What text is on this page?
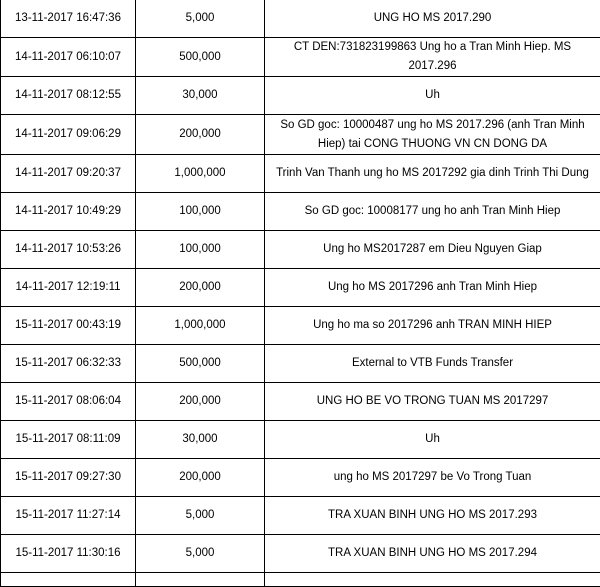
13-11-2017 16:47:36	5,000	UNG HO MS 2017.290
14-11-2017 06:10:07	500,000	CT DEN:731823199863 Ung ho a Tran Minh Hiep. MS 2017.296
14-11-2017 08:12:55	30,000	Uh
14-11-2017 09:06:29	200,000	So GD goc: 10000487 ung ho MS 2017.296 (anh Tran Minh Hiep) tai CONG THUONG VN CN DONG DA
14-11-2017 09:20:37	1,000,000	Trinh Van Thanh ung ho MS 2017292 gia dinh Trinh Thi Dung
14-11-2017 10:49:29	100,000	So GD goc: 10008177 ung ho anh Tran Minh Hiep
14-11-2017 10:53:26	100,000	Ung ho MS2017287 em Dieu Nguyen Giap
14-11-2017 12:19:11	200,000	Ung ho MS 2017296 anh Tran Minh Hiep
15-11-2017 00:43:19	1,000,000	Ung ho ma so 2017296 anh TRAN MINH HIEP
15-11-2017 06:32:33	500,000	External to VTB Funds Transfer
15-11-2017 08:06:04	200,000	UNG HO BE VO TRONG TUAN MS 2017297
15-11-2017 08:11:09	30,000	Uh
15-11-2017 09:27:30	200,000	ung ho MS 2017297 be Vo Trong Tuan
15-11-2017 11:27:14	5,000	TRA XUAN BINH UNG HO MS 2017.293
15-11-2017 11:30:16	5,000	TRA XUAN BINH UNG HO MS 2017.294
